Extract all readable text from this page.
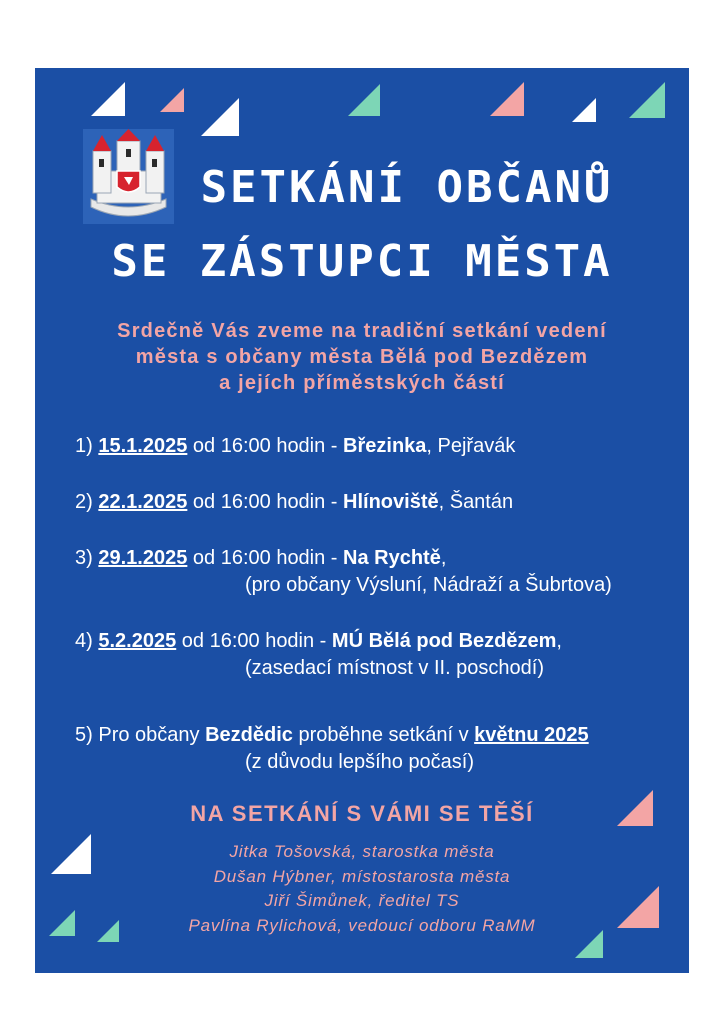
SETKÁNÍ OBČANŮ
SE ZÁSTUPCI MĚSTA
Srdečně Vás zveme na tradiční setkání vedení
města s občany města Bělá pod Bezdězem
a jejích příměstských částí
1) 15.1.2025 od 16:00 hodin - Březinka, Pejřavák
2) 22.1.2025 od 16:00 hodin - Hlínoviště, Šantán
3) 29.1.2025 od 16:00 hodin - Na Rychtě,
(pro občany Výsluní, Nádraží a Šubrtova)
4) 5.2.2025 od 16:00 hodin - MÚ Bělá pod Bezdězem,
(zasedací místnost v II. poschodí)
5) Pro občany Bezdědic proběhne setkání v květnu 2025
(z důvodu lepšího počasí)
NA SETKÁNÍ S VÁMI SE TĚŠÍ
Jitka Tošovská, starostka města
Dušan Hýbner, místostarosta města
Jiří Šimůnek, ředitel TS
Pavlína Rylichová, vedoucí odboru RaMM
